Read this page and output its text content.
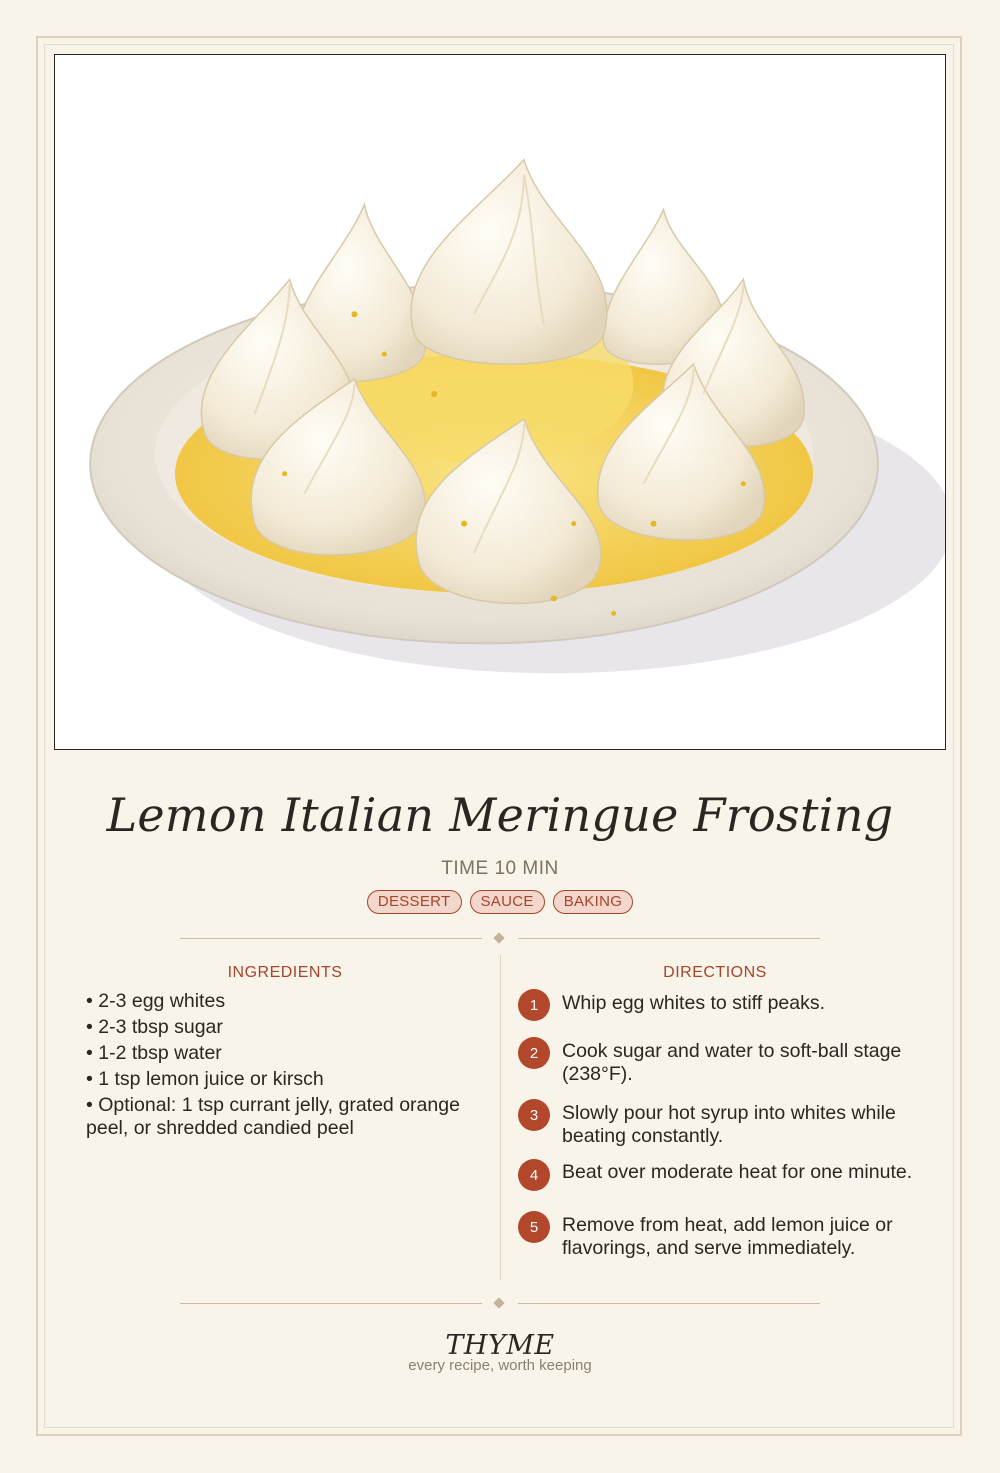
Lemon Italian Meringue Frosting
TIME 10 MIN
DESSERT	SAUCE	BAKING
INGREDIENTS
• 2-3 egg whites
• 2-3 tbsp sugar
• 1-2 tbsp water
• 1 tsp lemon juice or kirsch
• Optional: 1 tsp currant jelly, grated orange peel, or shredded candied peel
DIRECTIONS
1	Whip egg whites to stiff peaks.
2	Cook sugar and water to soft-ball stage (238°F).
3	Slowly pour hot syrup into whites while beating constantly.
4	Beat over moderate heat for one minute.
5	Remove from heat, add lemon juice or flavorings, and serve immediately.
THYME
every recipe, worth keeping
